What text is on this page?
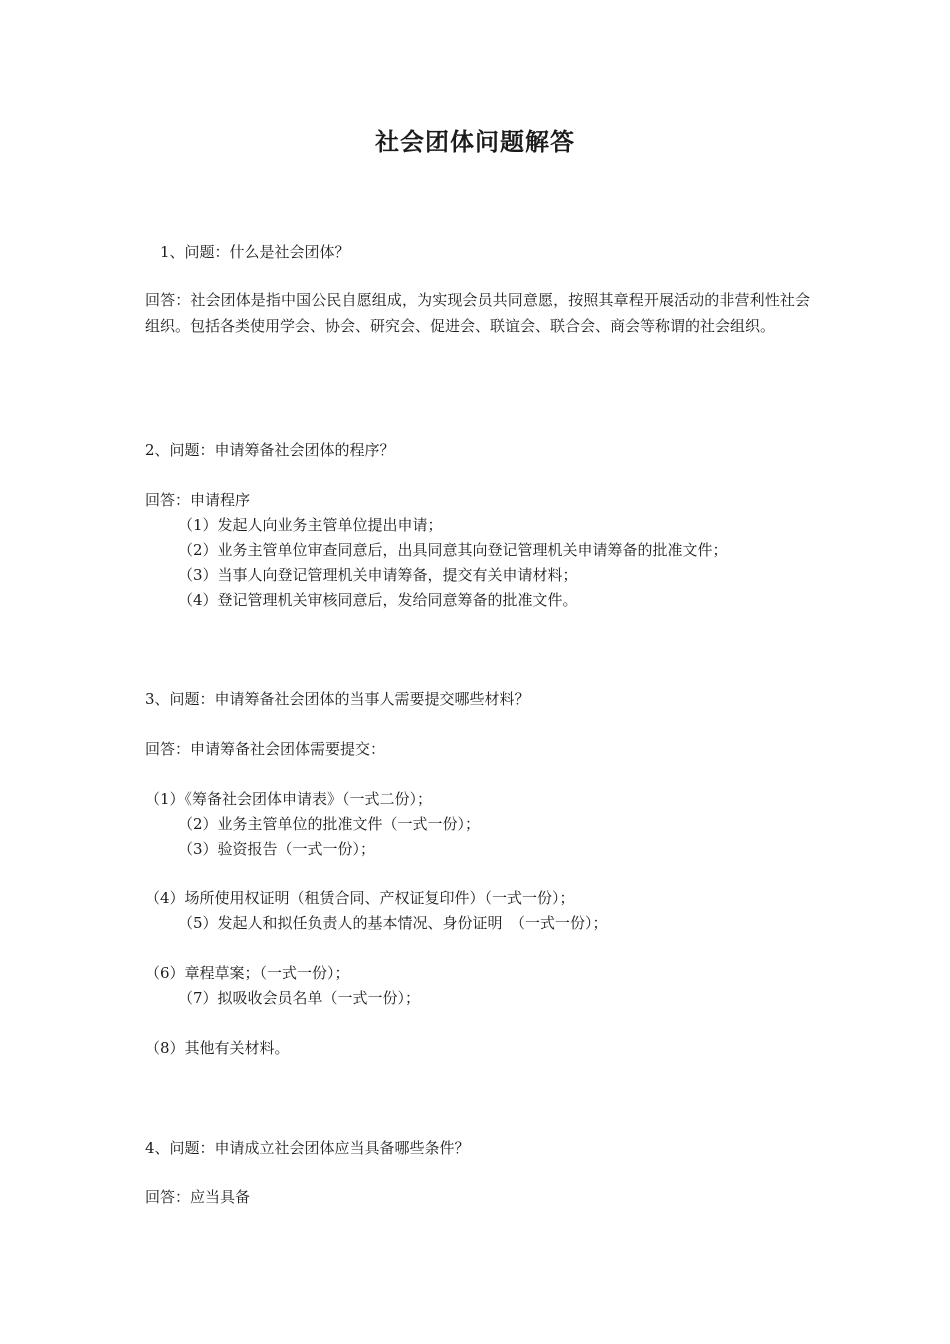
社会团体问题解答
1、问题：什么是社会团体？
回答：社会团体是指中国公民自愿组成，为实现会员共同意愿，按照其章程开展活动的非营利性社会组织。包括各类使用学会、协会、研究会、促进会、联谊会、联合会、商会等称谓的社会组织。
2、问题：申请筹备社会团体的程序？
回答：申请程序
（1）发起人向业务主管单位提出申请；
（2）业务主管单位审查同意后，出具同意其向登记管理机关申请筹备的批准文件；
（3）当事人向登记管理机关申请筹备，提交有关申请材料；
（4）登记管理机关审核同意后，发给同意筹备的批准文件。
3、问题：申请筹备社会团体的当事人需要提交哪些材料？
回答：申请筹备社会团体需要提交：
（1）《筹备社会团体申请表》（一式二份）；
（2）业务主管单位的批准文件（一式一份）；
（3）验资报告（一式一份）；
（4）场所使用权证明（租赁合同、产权证复印件）（一式一份）；
（5）发起人和拟任负责人的基本情况、身份证明　（一式一份）；
（6）章程草案；（一式一份）；
（7）拟吸收会员名单（一式一份）；
（8）其他有关材料。
4、问题：申请成立社会团体应当具备哪些条件？
回答：应当具备
